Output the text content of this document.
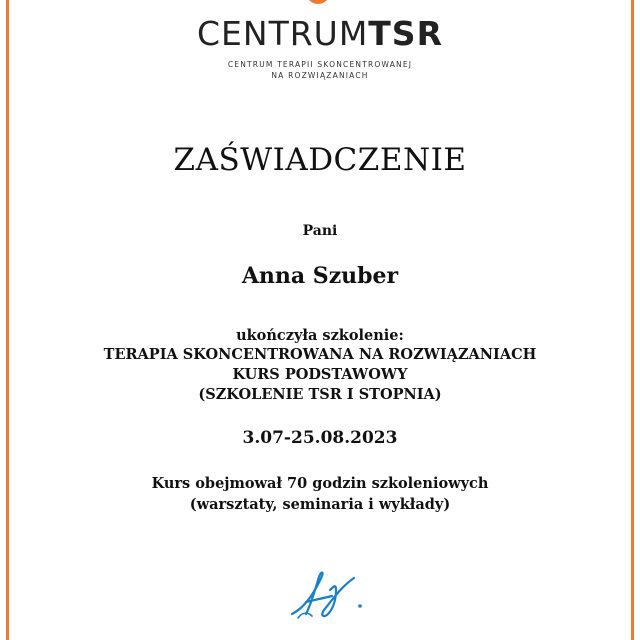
CENTRUMTSR
CENTRUM TERAPII SKONCENTROWANEJ
NA ROZWIĄZANIACH
ZAŚWIADCZENIE
Pani
Anna Szuber
ukończyła szkolenie:
TERAPIA SKONCENTROWANA NA ROZWIĄZANIACH
KURS PODSTAWOWY
(SZKOLENIE TSR I STOPNIA)
3.07-25.08.2023
Kurs obejmował 70 godzin szkoleniowych
(warsztaty, seminaria i wykłady)
